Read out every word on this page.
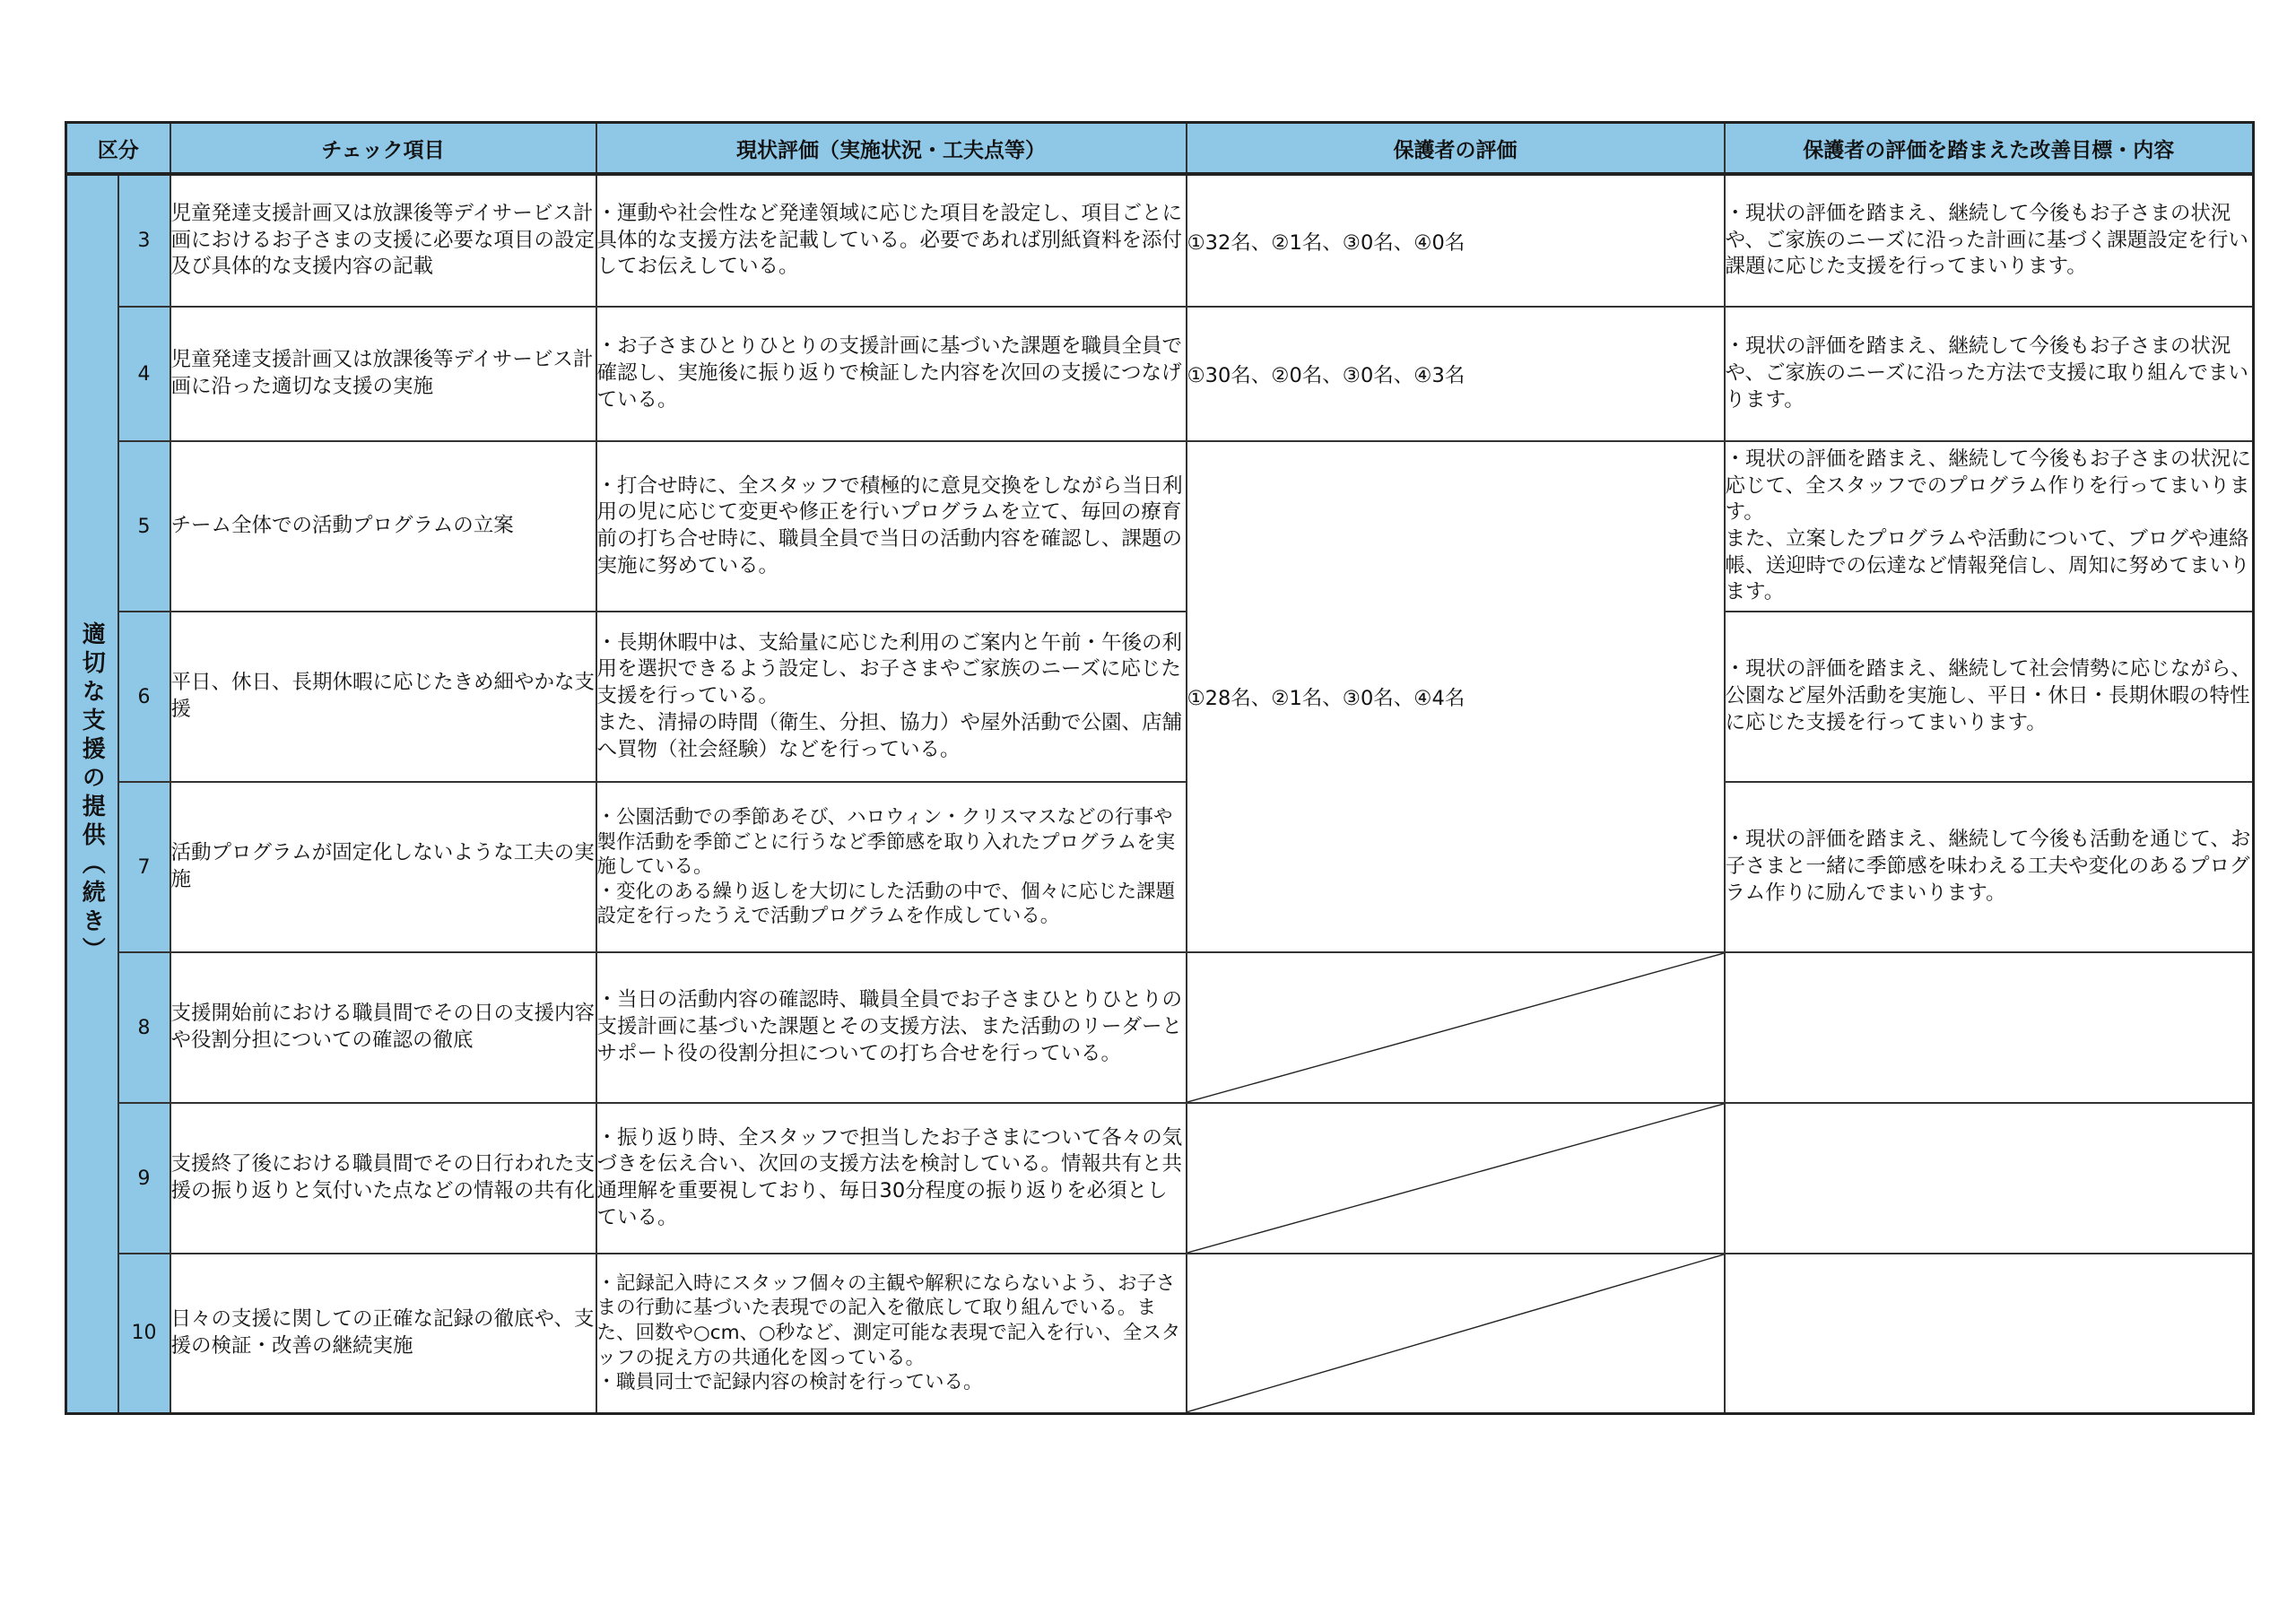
区分		チェック項目	現状評価（実施状況・工夫点等）	保護者の評価	保護者の評価を踏まえた改善目標・内容

適切な支援の提供（続き）	3	児童発達支援計画又は放課後等デイサービス計画におけるお子さまの支援に必要な項目の設定及び具体的な支援内容の記載	・運動や社会性など発達領域に応じた項目を設定し、項目ごとに具体的な支援方法を記載している。必要であれば別紙資料を添付してお伝えしている。	①32名、②1名、③0名、④0名	・現状の評価を踏まえ、継続して今後もお子さまの状況や、ご家族のニーズに沿った計画に基づく課題設定を行い課題に応じた支援を行ってまいります。
	4	児童発達支援計画又は放課後等デイサービス計画に沿った適切な支援の実施	・お子さまひとりひとりの支援計画に基づいた課題を職員全員で確認し、実施後に振り返りで検証した内容を次回の支援につなげている。	①30名、②0名、③0名、④3名	・現状の評価を踏まえ、継続して今後もお子さまの状況や、ご家族のニーズに沿った方法で支援に取り組んでまいります。
	5	チーム全体での活動プログラムの立案	・打合せ時に、全スタッフで積極的に意見交換をしながら当日利用の児に応じて変更や修正を行いプログラムを立て、毎回の療育前の打ち合せ時に、職員全員で当日の活動内容を確認し、課題の実施に努めている。	①28名、②1名、③0名、④4名	・現状の評価を踏まえ、継続して今後もお子さまの状況に応じて、全スタッフでのプログラム作りを行ってまいります。
また、立案したプログラムや活動について、ブログや連絡帳、送迎時での伝達など情報発信し、周知に努めてまいります。
	6	平日、休日、長期休暇に応じたきめ細やかな支援	・長期休暇中は、支給量に応じた利用のご案内と午前・午後の利用を選択できるよう設定し、お子さまやご家族のニーズに応じた支援を行っている。
また、清掃の時間（衛生、分担、協力）や屋外活動で公園、店舗へ買物（社会経験）などを行っている。		・現状の評価を踏まえ、継続して社会情勢に応じながら、公園など屋外活動を実施し、平日・休日・長期休暇の特性に応じた支援を行ってまいります。
	7	活動プログラムが固定化しないような工夫の実施	・公園活動での季節あそび、ハロウィン・クリスマスなどの行事や製作活動を季節ごとに行うなど季節感を取り入れたプログラムを実施している。
・変化のある繰り返しを大切にした活動の中で、個々に応じた課題設定を行ったうえで活動プログラムを作成している。		・現状の評価を踏まえ、継続して今後も活動を通じて、お子さまと一緒に季節感を味わえる工夫や変化のあるプログラム作りに励んでまいります。
	8	支援開始前における職員間でその日の支援内容や役割分担についての確認の徹底	・当日の活動内容の確認時、職員全員でお子さまひとりひとりの支援計画に基づいた課題とその支援方法、また活動のリーダーとサポート役の役割分担についての打ち合せを行っている。	

	9	支援終了後における職員間でその日行われた支援の振り返りと気付いた点などの情報の共有化	・振り返り時、全スタッフで担当したお子さまについて各々の気づきを伝え合い、次回の支援方法を検討している。情報共有と共通理解を重要視しており、毎日30分程度の振り返りを必須としている。	

	10	日々の支援に関しての正確な記録の徹底や、支援の検証・改善の継続実施	・記録記入時にスタッフ個々の主観や解釈にならないよう、お子さまの行動に基づいた表現での記入を徹底して取り組んでいる。また、回数や○cm、○秒など、測定可能な表現で記入を行い、全スタッフの捉え方の共通化を図っている。
・職員同士で記録内容の検討を行っている。	
